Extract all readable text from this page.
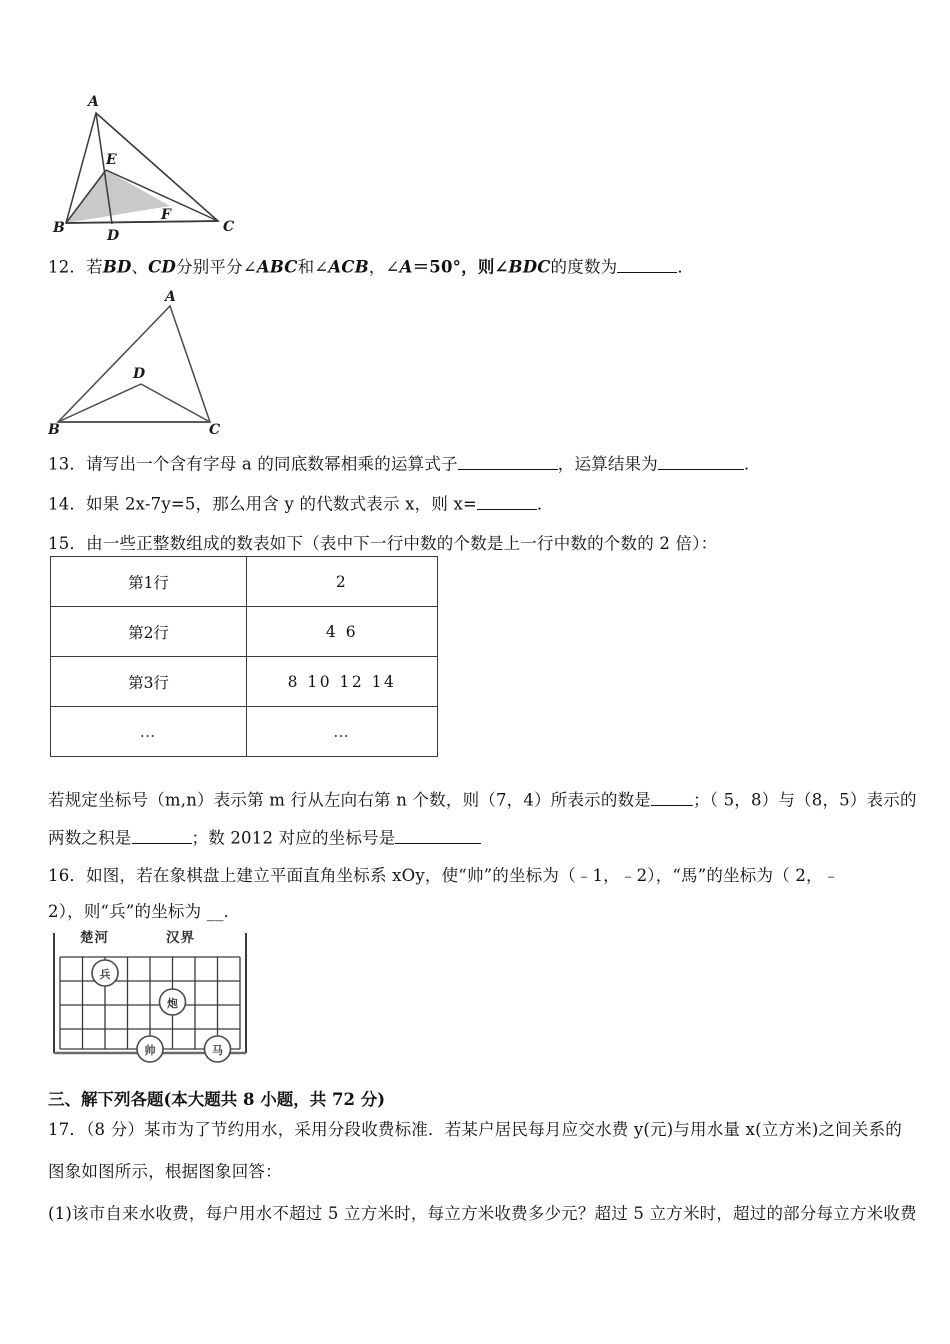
A
E
B	D
F
C
12．若BD、CD分别平分∠ABC和∠ACB，∠A＝50°，则∠BDC的度数为	．
A
D
B	C
13．请写出一个含有字母 a 的同底数幂相乘的运算式子	，运算结果为	．
14．如果 2x-7y=5，那么用含 y 的代数式表示 x，则 x=	．
15．由一些正整数组成的数表如下（表中下一行中数的个数是上一行中数的个数的 2 倍）：
第1行	2
第2行	4 6
第3行	8 10 12 14
…	…
若规定坐标号（m,n）表示第 m 行从左向右第 n 个数，则（7，4）所表示的数是	；（ 5，8）与（8，5）表示的
两数之积是	；数 2012 对应的坐标号是
16．如图，若在象棋盘上建立平面直角坐标系 xOy，使“帅”的坐标为（﹣1，﹣2），“馬”的坐标为（ 2，﹣
2），则“兵”的坐标为 __．
兵
炮
帅	马
楚河	汉界
三、解下列各题(本大题共 8 小题，共 72 分)
17．（8 分）某市为了节约用水，采用分段收费标准．若某户居民每月应交水费 y(元)与用水量 x(立方米)之间关系的
图象如图所示，根据图象回答：
(1)该市自来水收费，每户用水不超过 5 立方米时，每立方米收费多少元？超过 5 立方米时，超过的部分每立方米收费
